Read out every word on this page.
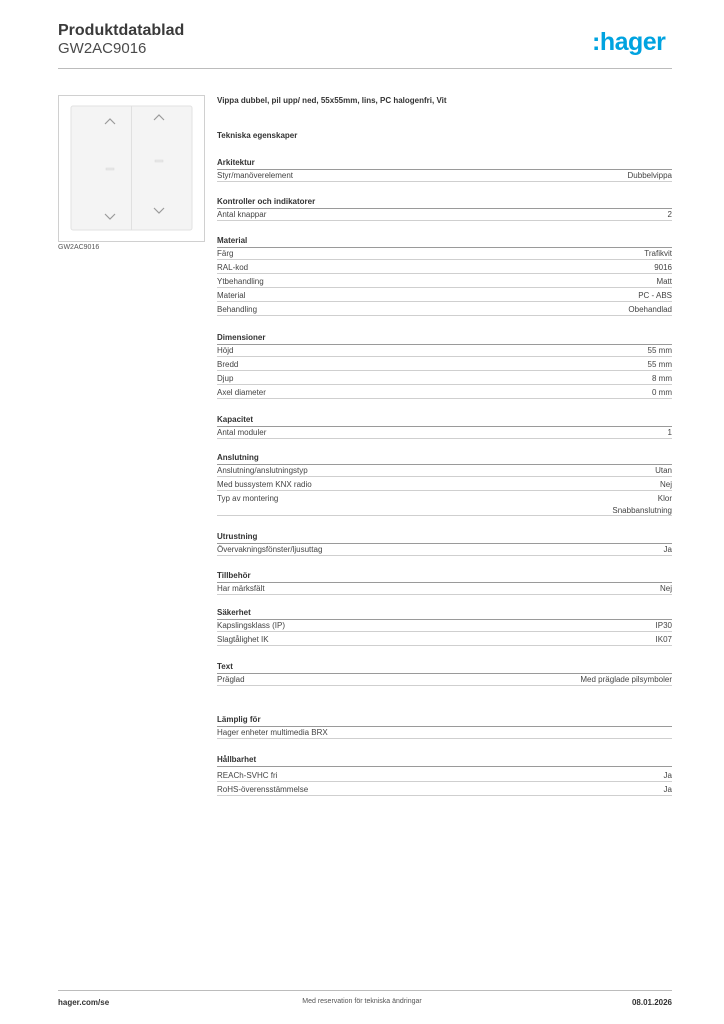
Produktdatablad
GW2AC9016	:hager
GW2AC9016
Vippa dubbel, pil upp/ ned, 55x55mm, lins, PC halogenfri, Vit
Tekniska egenskaper
Arkitektur
Styr/manöverelement	Dubbelvippa
Kontroller och indikatorer
Antal knappar	2
Material
Färg	Trafikvit
RAL-kod	9016
Ytbehandling	Matt
Material	PC - ABS
Behandling	Obehandlad
Dimensioner
Höjd	55 mm
Bredd	55 mm
Djup	8 mm
Axel diameter	0 mm
Kapacitet
Antal moduler	1
Anslutning
Anslutning/anslutningstyp	Utan
Med bussystem KNX radio	Nej
Typ av montering	Klor
Snabbanslutning
Utrustning
Övervakningsfönster/ljusuttag	Ja
Tillbehör
Har märksfält	Nej
Säkerhet
Kapslingsklass (IP)	IP30
Slagtålighet IK	IK07
Text
Präglad	Med präglade pilsymboler
Lämplig för
Hager enheter multimedia BRX
Hållbarhet
REACh-SVHC fri	Ja
RoHS-överensstämmelse	Ja
hager.com/se	Med reservation för tekniska ändringar	08.01.2026
